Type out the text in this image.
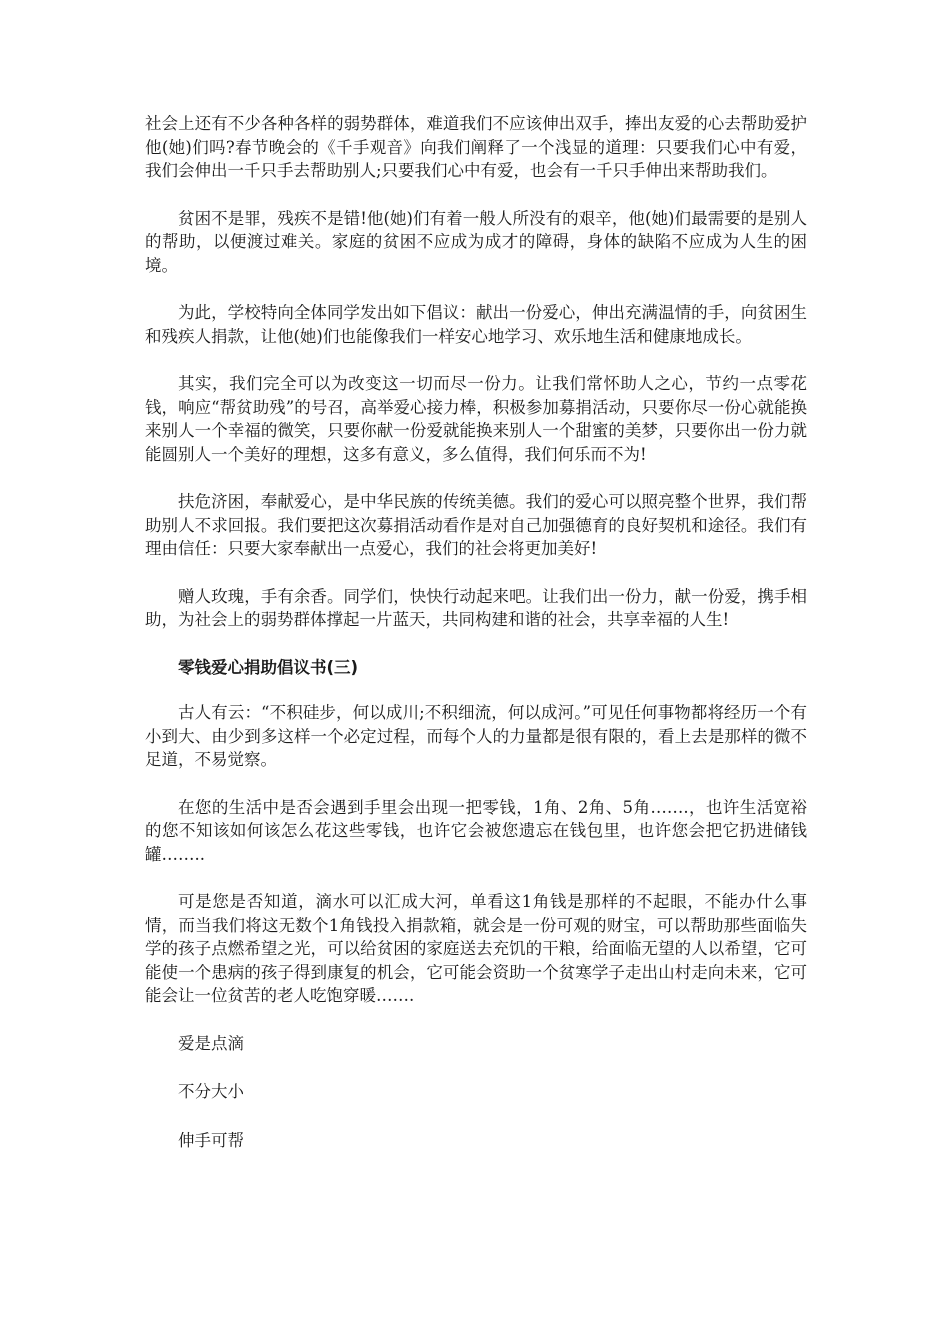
社会上还有不少各种各样的弱势群体，难道我们不应该伸出双手，捧出友爱的心去帮助爱护他(她)们吗?春节晚会的《千手观音》向我们阐释了一个浅显的道理：只要我们心中有爱，我们会伸出一千只手去帮助别人;只要我们心中有爱，也会有一千只手伸出来帮助我们。

贫困不是罪，残疾不是错!他(她)们有着一般人所没有的艰辛，他(她)们最需要的是别人的帮助，以便渡过难关。家庭的贫困不应成为成才的障碍，身体的缺陷不应成为人生的困境。

为此，学校特向全体同学发出如下倡议：献出一份爱心，伸出充满温情的手，向贫困生和残疾人捐款，让他(她)们也能像我们一样安心地学习、欢乐地生活和健康地成长。

其实，我们完全可以为改变这一切而尽一份力。让我们常怀助人之心，节约一点零花钱，响应“帮贫助残”的号召，高举爱心接力棒，积极参加募捐活动，只要你尽一份心就能换来别人一个幸福的微笑，只要你献一份爱就能换来别人一个甜蜜的美梦，只要你出一份力就能圆别人一个美好的理想，这多有意义，多么值得，我们何乐而不为!

扶危济困，奉献爱心，是中华民族的传统美德。我们的爱心可以照亮整个世界，我们帮助别人不求回报。我们要把这次募捐活动看作是对自己加强德育的良好契机和途径。我们有理由信任：只要大家奉献出一点爱心，我们的社会将更加美好!

赠人玫瑰，手有余香。同学们，快快行动起来吧。让我们出一份力，献一份爱，携手相助，为社会上的弱势群体撑起一片蓝天，共同构建和谐的社会，共享幸福的人生!

零钱爱心捐助倡议书(三)

古人有云：“不积硅步，何以成川;不积细流，何以成河。”可见任何事物都将经历一个有小到大、由少到多这样一个必定过程，而每个人的力量都是很有限的，看上去是那样的微不足道，不易觉察。

在您的生活中是否会遇到手里会出现一把零钱，1角、2角、5角…….，也许生活宽裕的您不知该如何该怎么花这些零钱，也许它会被您遗忘在钱包里，也许您会把它扔进储钱罐……..

可是您是否知道，滴水可以汇成大河，单看这1角钱是那样的不起眼，不能办什么事情，而当我们将这无数个1角钱投入捐款箱，就会是一份可观的财宝，可以帮助那些面临失学的孩子点燃希望之光，可以给贫困的家庭送去充饥的干粮，给面临无望的人以希望，它可能使一个患病的孩子得到康复的机会，它可能会资助一个贫寒学子走出山村走向未来，它可能会让一位贫苦的老人吃饱穿暖…….

爱是点滴

不分大小

伸手可帮
